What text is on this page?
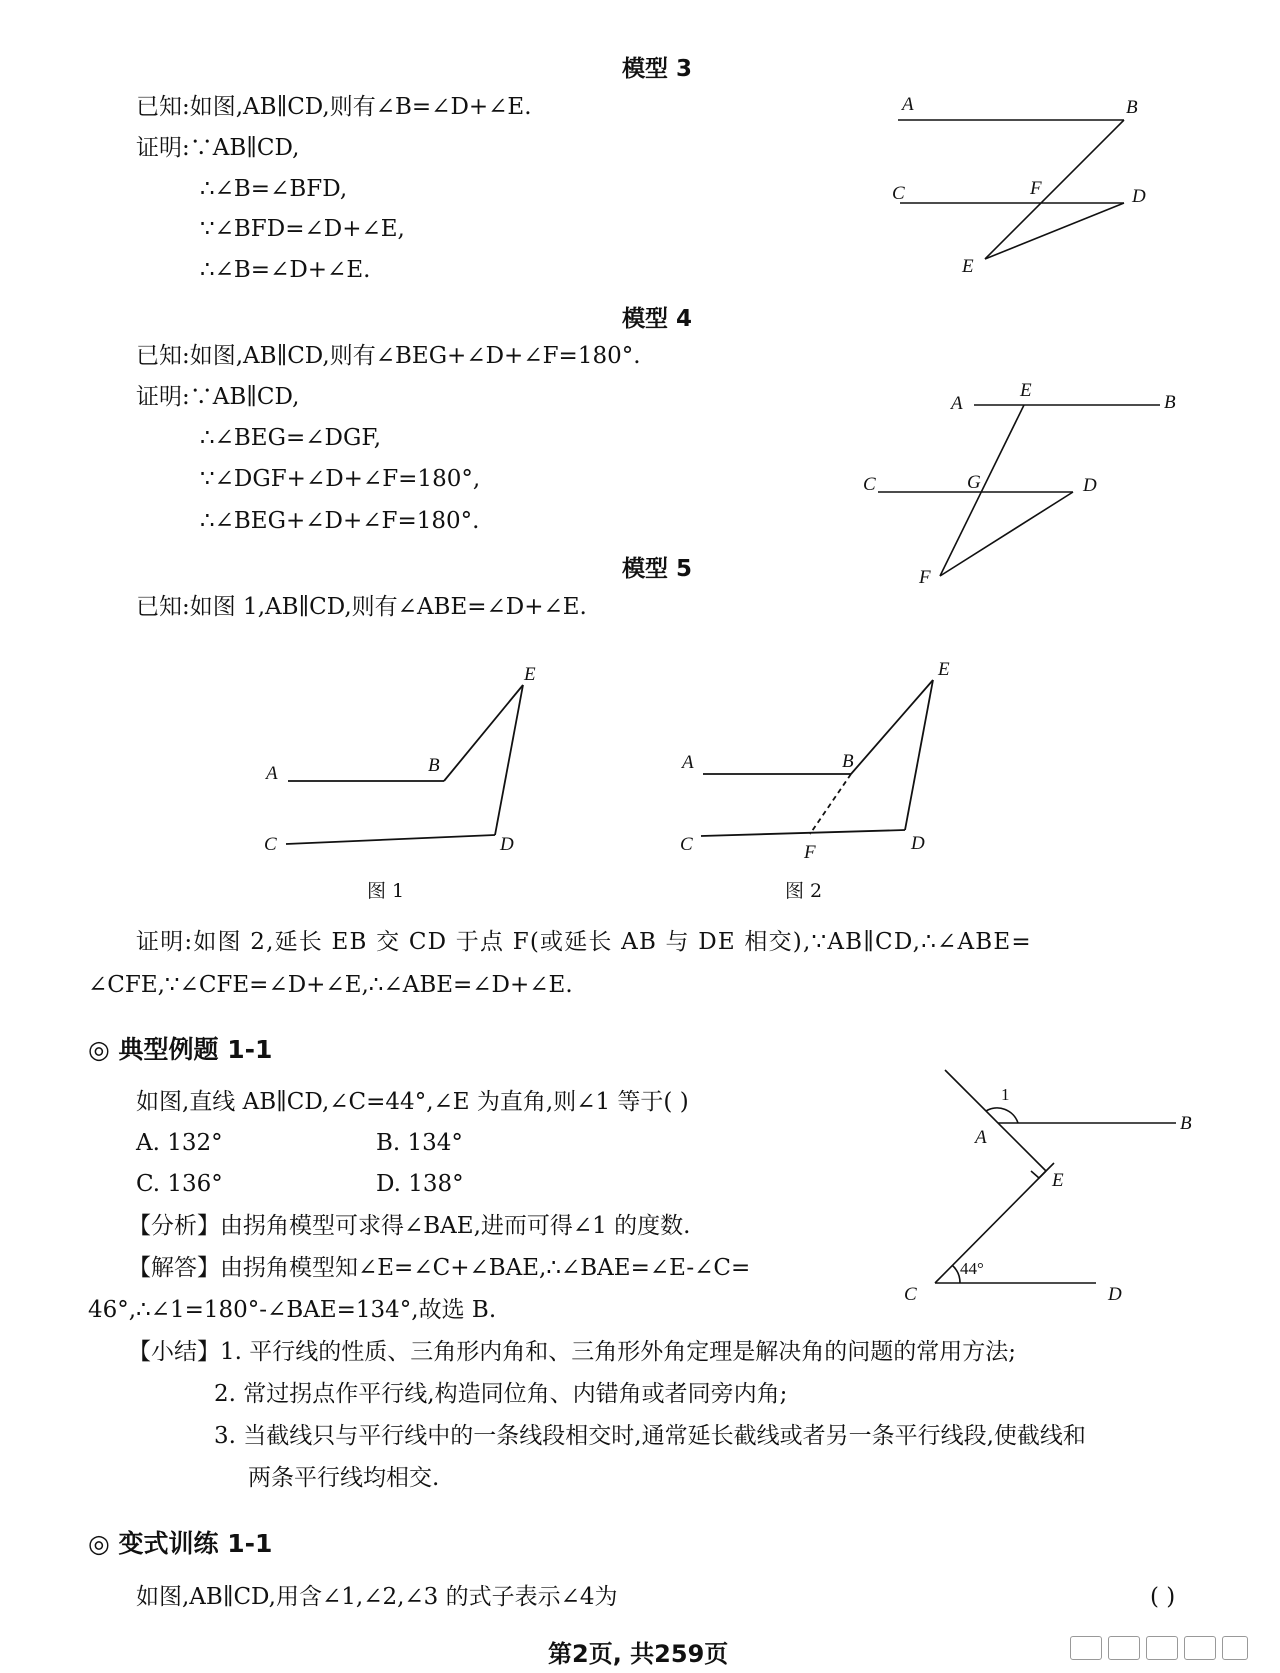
模型 3
已知:如图,AB∥CD,则有∠B=∠D+∠E.
证明:∵AB∥CD,
∴∠B=∠BFD,
∵∠BFD=∠D+∠E,
∴∠B=∠D+∠E.
A	B
C	F	D
E
模型 4
已知:如图,AB∥CD,则有∠BEG+∠D+∠F=180°.
证明:∵AB∥CD,
∴∠BEG=∠DGF,
∵∠DGF+∠D+∠F=180°,
∴∠BEG+∠D+∠F=180°.
A
E
B
C	G	D
F
模型 5
已知:如图 1,AB∥CD,则有∠ABE=∠D+∠E.
A	B
E
C	D
A	B
E
C	F	D
图 1	图 2
证明:如图 2,延长 EB 交 CD 于点 F(或延长 AB 与 DE 相交),∵AB∥CD,∴∠ABE=
∠CFE,∵∠CFE=∠D+∠E,∴∠ABE=∠D+∠E.
◎ 典型例题 1-1
如图,直线 AB∥CD,∠C=44°,∠E 为直角,则∠1 等于( )
A. 132°	B. 134°
C. 136°	D. 138°
【分析】由拐角模型可求得∠BAE,进而可得∠1 的度数.
【解答】由拐角模型知∠E=∠C+∠BAE,∴∠BAE=∠E-∠C=
46°,∴∠1=180°-∠BAE=134°,故选 B.
【小结】1. 平行线的性质、三角形内角和、三角形外角定理是解决角的问题的常用方法;
2. 常过拐点作平行线,构造同位角、内错角或者同旁内角;
3. 当截线只与平行线中的一条线段相交时,通常延长截线或者另一条平行线段,使截线和
两条平行线均相交.
1
A
B
E
44°
C	D
◎ 变式训练 1-1
如图,AB∥CD,用含∠1,∠2,∠3 的式子表示∠4为	( )
第2页, 共259页
